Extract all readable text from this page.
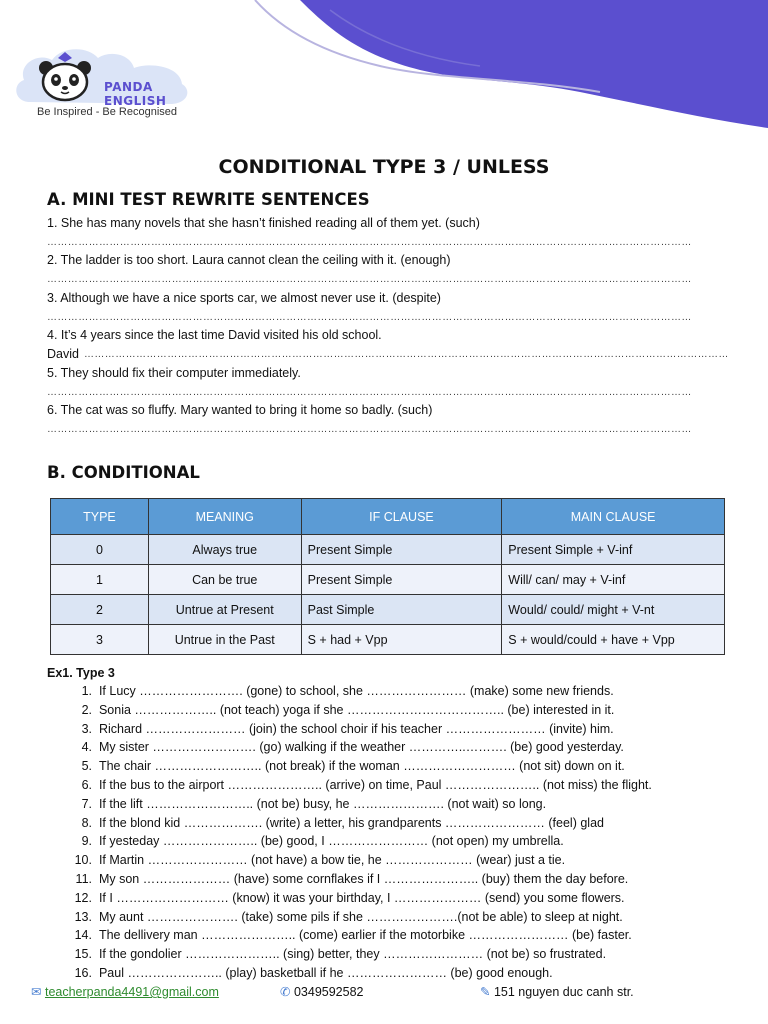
PANDA ENGLISH
Be Inspired - Be Recognised
CONDITIONAL TYPE 3 / UNLESS
A. MINI TEST REWRITE SENTENCES
1. She has many novels that she hasn’t finished reading all of them yet. (such)
……………………………………………………………………………………………………………………………………………………………………
2. The ladder is too short. Laura cannot clean the ceiling with it. (enough)
……………………………………………………………………………………………………………………………………………………………………
3. Although we have a nice sports car, we almost never use it. (despite)
……………………………………………………………………………………………………………………………………………………………………
4. It’s 4 years since the last time David visited his old school.
David ……………………………………………………………………………………………………………………………………………………………………
5. They should fix their computer immediately.
……………………………………………………………………………………………………………………………………………………………………
6. The cat was so fluffy. Mary wanted to bring it home so badly. (such)
……………………………………………………………………………………………………………………………………………………………………
B. CONDITIONAL
TYPE	MEANING	IF CLAUSE	MAIN CLAUSE
0	Always true	Present Simple	Present Simple + V-inf
1	Can be true	Present Simple	Will/ can/ may + V-inf
2	Untrue at Present	Past Simple	Would/ could/ might + V-nt
3	Untrue in the Past	S + had + Vpp	S + would/could + have + Vpp
Ex1. Type 3
1. If Lucy ……………………. (gone) to school, she …………………… (make) some new friends.
2. Sonia ……………….. (not teach) yoga if she ……………………………….. (be) interested in it.
3. Richard …………………… (join) the school choir if his teacher …………………… (invite) him.
4. My sister ……………………. (go) walking if the weather …………..………. (be) good yesterday.
5. The chair …………………….. (not break) if the woman ……………………… (not sit) down on it.
6. If the bus to the airport ………………….. (arrive) on time, Paul ………………….. (not miss) the flight.
7. If the lift …………………….. (not be) busy, he …………………. (not wait) so long.
8. If the blond kid ………………. (write) a letter, his grandparents …………………… (feel) glad
9. If yesteday ………………….. (be) good, I …………………… (not open) my umbrella.
10. If Martin …………………… (not have) a bow tie, he ………………… (wear) just a tie.
11. My son ………………… (have) some cornflakes if I ………………….. (buy) them the day before.
12. If I ……………………… (know) it was your birthday, I ………………… (send) you some flowers.
13. My aunt …………………. (take) some pils if she ………………….(not be able) to sleep at night.
14. The dellivery man ………………….. (come) earlier if the motorbike …………………… (be) faster.
15. If the gondolier ………………….. (sing) better, they …………………… (not be) so frustrated.
16. Paul ………………….. (play) basketball if he …………………… (be) good enough.
✉ teacherpanda4491@gmail.com	✆ 0349592582	✎ 151 nguyen duc canh str.
